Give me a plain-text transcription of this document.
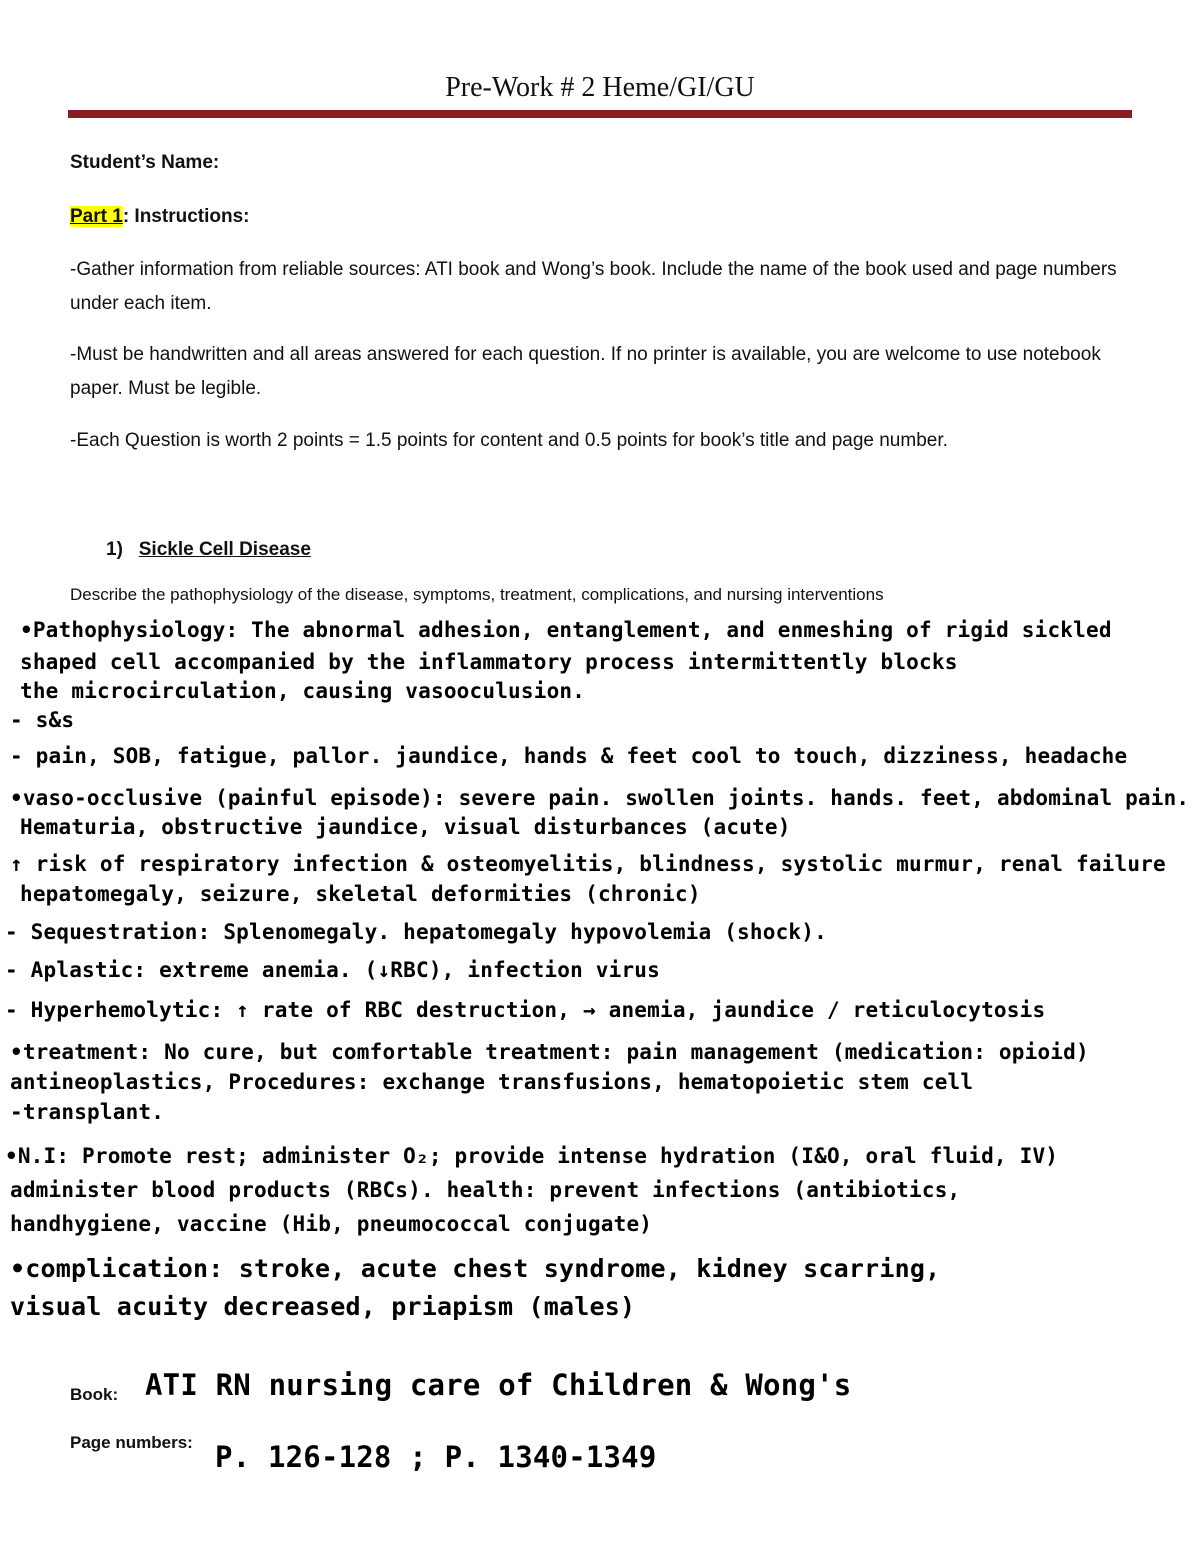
Pre-Work # 2 Heme/GI/GU
Student’s Name:
Part 1: Instructions:
-Gather information from reliable sources: ATI book and Wong’s book. Include the name of the book used and page numbers under each item.
-Must be handwritten and all areas answered for each question. If no printer is available, you are welcome to use notebook paper. Must be legible.
-Each Question is worth 2 points = 1.5 points for content and 0.5 points for book’s title and page number.
1) Sickle Cell Disease
Describe the pathophysiology of the disease, symptoms, treatment, complications, and nursing interventions
•Pathophysiology: The abnormal adhesion, entanglement, and enmeshing of rigid sickled
shaped cell accompanied by the inflammatory process intermittently blocks
the microcirculation, causing vasooculusion.
- s&s
- pain, SOB, fatigue, pallor. jaundice, hands & feet cool to touch, dizziness, headache
•vaso-occlusive (painful episode): severe pain. swollen joints. hands. feet, abdominal pain.
Hematuria, obstructive jaundice, visual disturbances (acute)
↑ risk of respiratory infection & osteomyelitis, blindness, systolic murmur, renal failure
hepatomegaly, seizure, skeletal deformities (chronic)
- Sequestration: Splenomegaly. hepatomegaly hypovolemia (shock).
- Aplastic: extreme anemia. (↓RBC), infection virus
- Hyperhemolytic: ↑ rate of RBC destruction, → anemia, jaundice / reticulocytosis
•treatment: No cure, but comfortable treatment: pain management (medication: opioid)
antineoplastics, Procedures: exchange transfusions, hematopoietic stem cell
-transplant.
•N.I: Promote rest; administer O₂; provide intense hydration (I&O, oral fluid, IV)
administer blood products (RBCs). health: prevent infections (antibiotics,
handhygiene, vaccine (Hib, pneumococcal conjugate)
•complication: stroke, acute chest syndrome, kidney scarring,
visual acuity decreased, priapism (males)
Book: ATI RN nursing care of Children & Wong's
Page numbers: P. 126-128 ; P. 1340-1349
